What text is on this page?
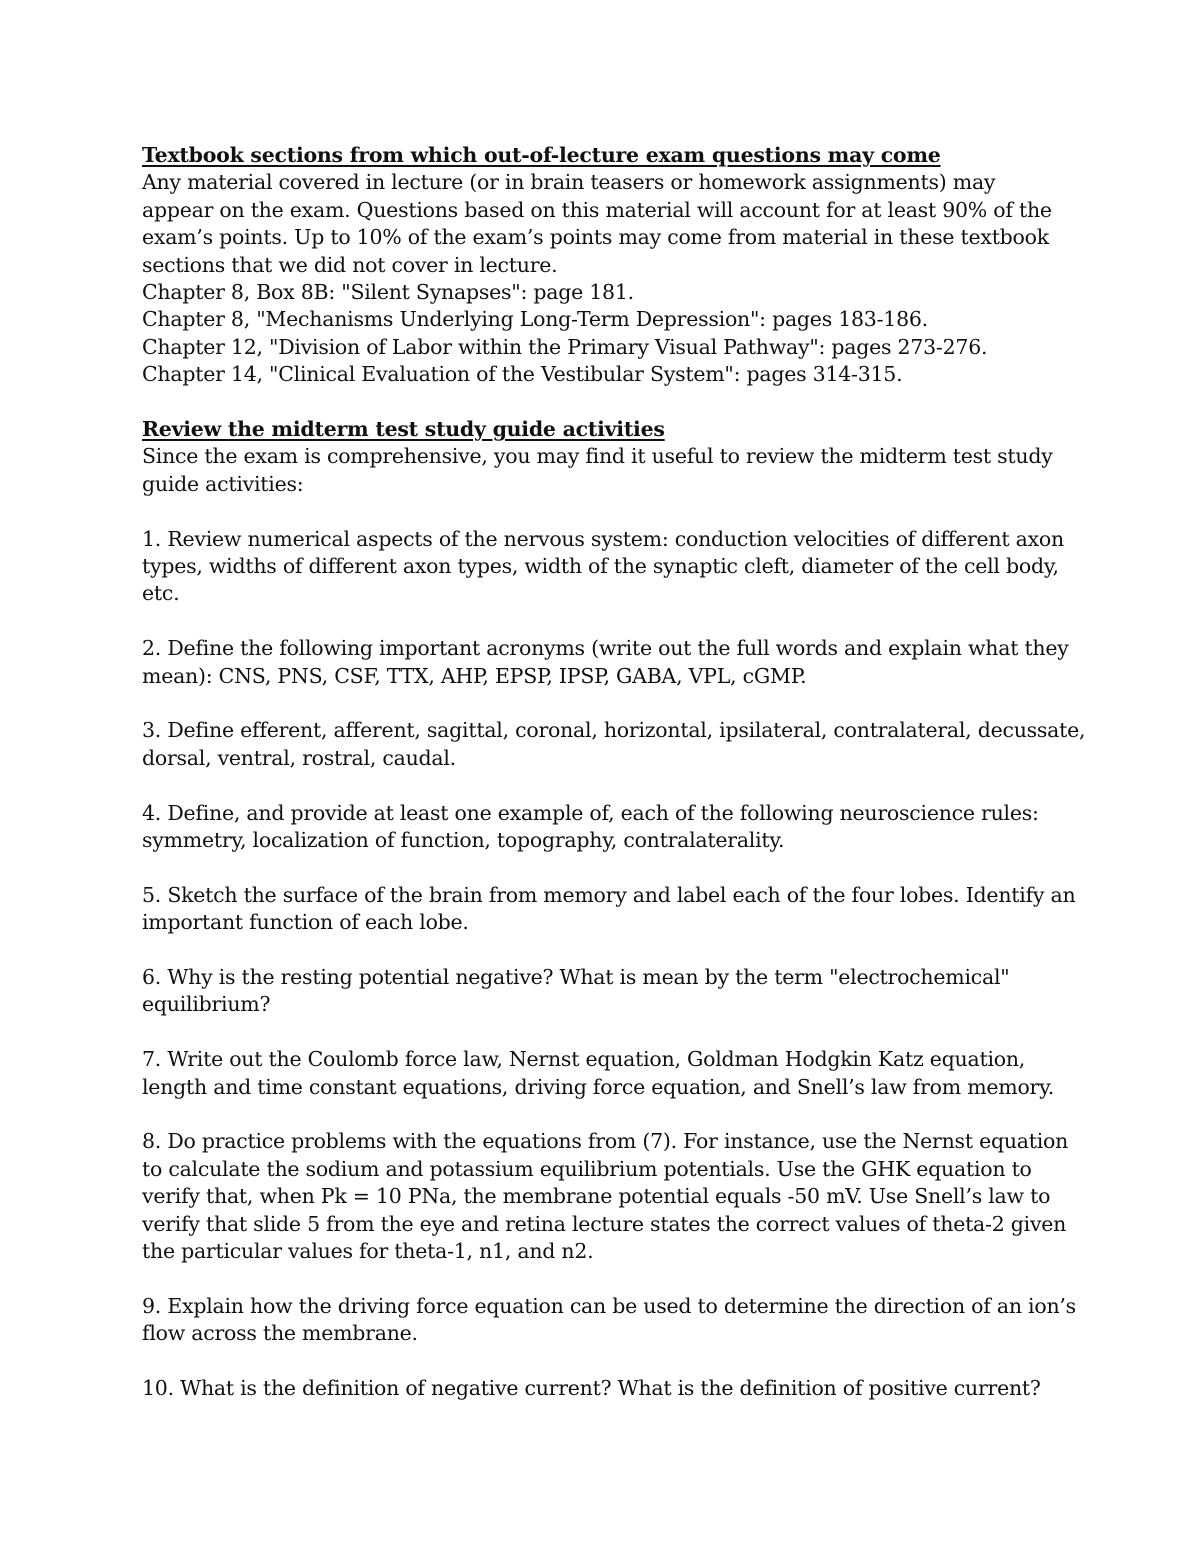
Textbook sections from which out-of-lecture exam questions may come

Any material covered in lecture (or in brain teasers or homework assignments) may
appear on the exam. Questions based on this material will account for at least 90% of the
exam’s points. Up to 10% of the exam’s points may come from material in these textbook
sections that we did not cover in lecture.

Chapter 8, Box 8B: "Silent Synapses": page 181.
Chapter 8, "Mechanisms Underlying Long-Term Depression": pages 183-186.
Chapter 12, "Division of Labor within the Primary Visual Pathway": pages 273-276.
Chapter 14, "Clinical Evaluation of the Vestibular System": pages 314-315.

Review the midterm test study guide activities

Since the exam is comprehensive, you may find it useful to review the midterm test study
guide activities:

1. Review numerical aspects of the nervous system: conduction velocities of different axon
types, widths of different axon types, width of the synaptic cleft, diameter of the cell body,
etc.

2. Define the following important acronyms (write out the full words and explain what they
mean): CNS, PNS, CSF, TTX, AHP, EPSP, IPSP, GABA, VPL, cGMP.

3. Define efferent, afferent, sagittal, coronal, horizontal, ipsilateral, contralateral, decussate,
dorsal, ventral, rostral, caudal.

4. Define, and provide at least one example of, each of the following neuroscience rules:
symmetry, localization of function, topography, contralaterality.

5. Sketch the surface of the brain from memory and label each of the four lobes. Identify an
important function of each lobe.

6. Why is the resting potential negative? What is mean by the term "electrochemical"
equilibrium?

7. Write out the Coulomb force law, Nernst equation, Goldman Hodgkin Katz equation,
length and time constant equations, driving force equation, and Snell’s law from memory.

8. Do practice problems with the equations from (7). For instance, use the Nernst equation
to calculate the sodium and potassium equilibrium potentials. Use the GHK equation to
verify that, when Pk = 10 PNa, the membrane potential equals -50 mV. Use Snell’s law to
verify that slide 5 from the eye and retina lecture states the correct values of theta-2 given
the particular values for theta-1, n1, and n2.

9. Explain how the driving force equation can be used to determine the direction of an ion’s
flow across the membrane.

10. What is the definition of negative current? What is the definition of positive current?
